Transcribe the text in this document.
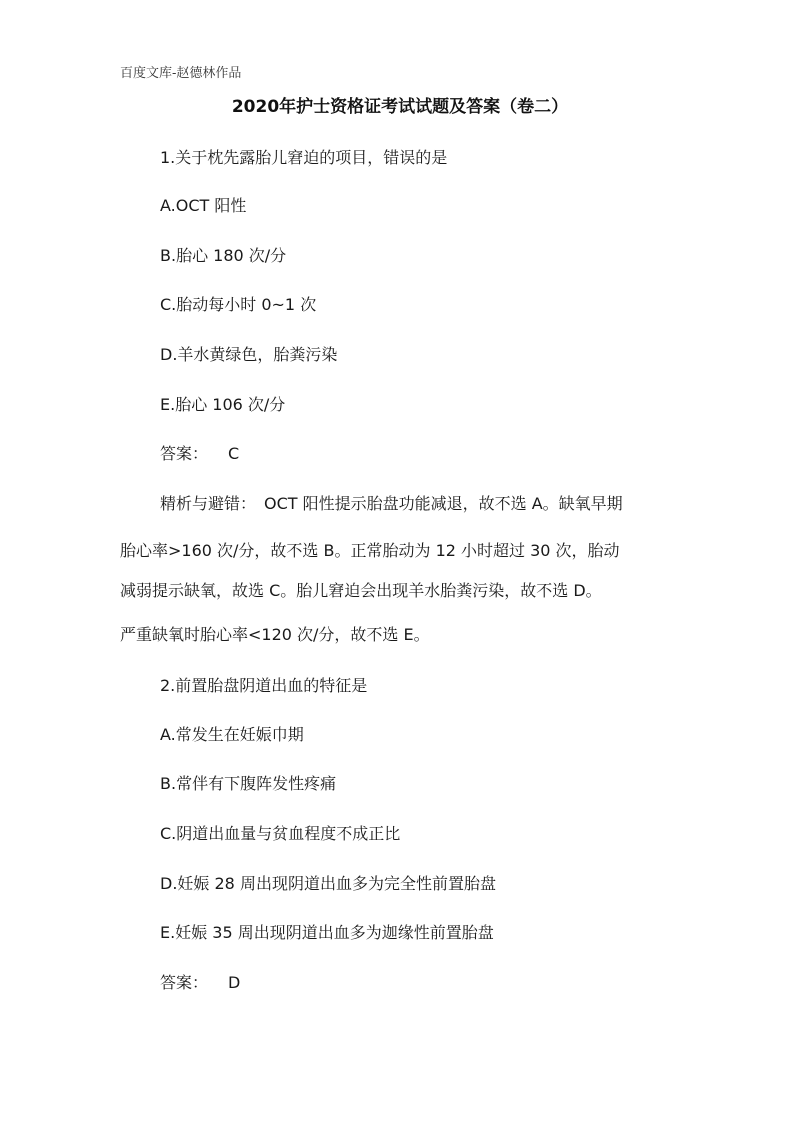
百度文库-赵德林作品
2020年护士资格证考试试题及答案（卷二）
1.关于枕先露胎儿窘迫的项目，错误的是
A.OCT 阳性
B.胎心 180 次/分
C.胎动每小时 0~1 次
D.羊水黄绿色，胎粪污染
E.胎心 106 次/分
答案： C
精析与避错：　OCT 阳性提示胎盘功能减退，故不选 A。缺氧早期
胎心率>160 次/分，故不选 B。正常胎动为 12 小时超过 30 次，胎动
减弱提示缺氧，故选 C。胎儿窘迫会出现羊水胎粪污染，故不选 D。
严重缺氧时胎心率<120 次/分，故不选 E。
2.前置胎盘阴道出血的特征是
A.常发生在妊娠巾期
B.常伴有下腹阵发性疼痛
C.阴道出血量与贫血程度不成正比
D.妊娠 28 周出现阴道出血多为完全性前置胎盘
E.妊娠 35 周出现阴道出血多为迦缘性前置胎盘
答案： D
